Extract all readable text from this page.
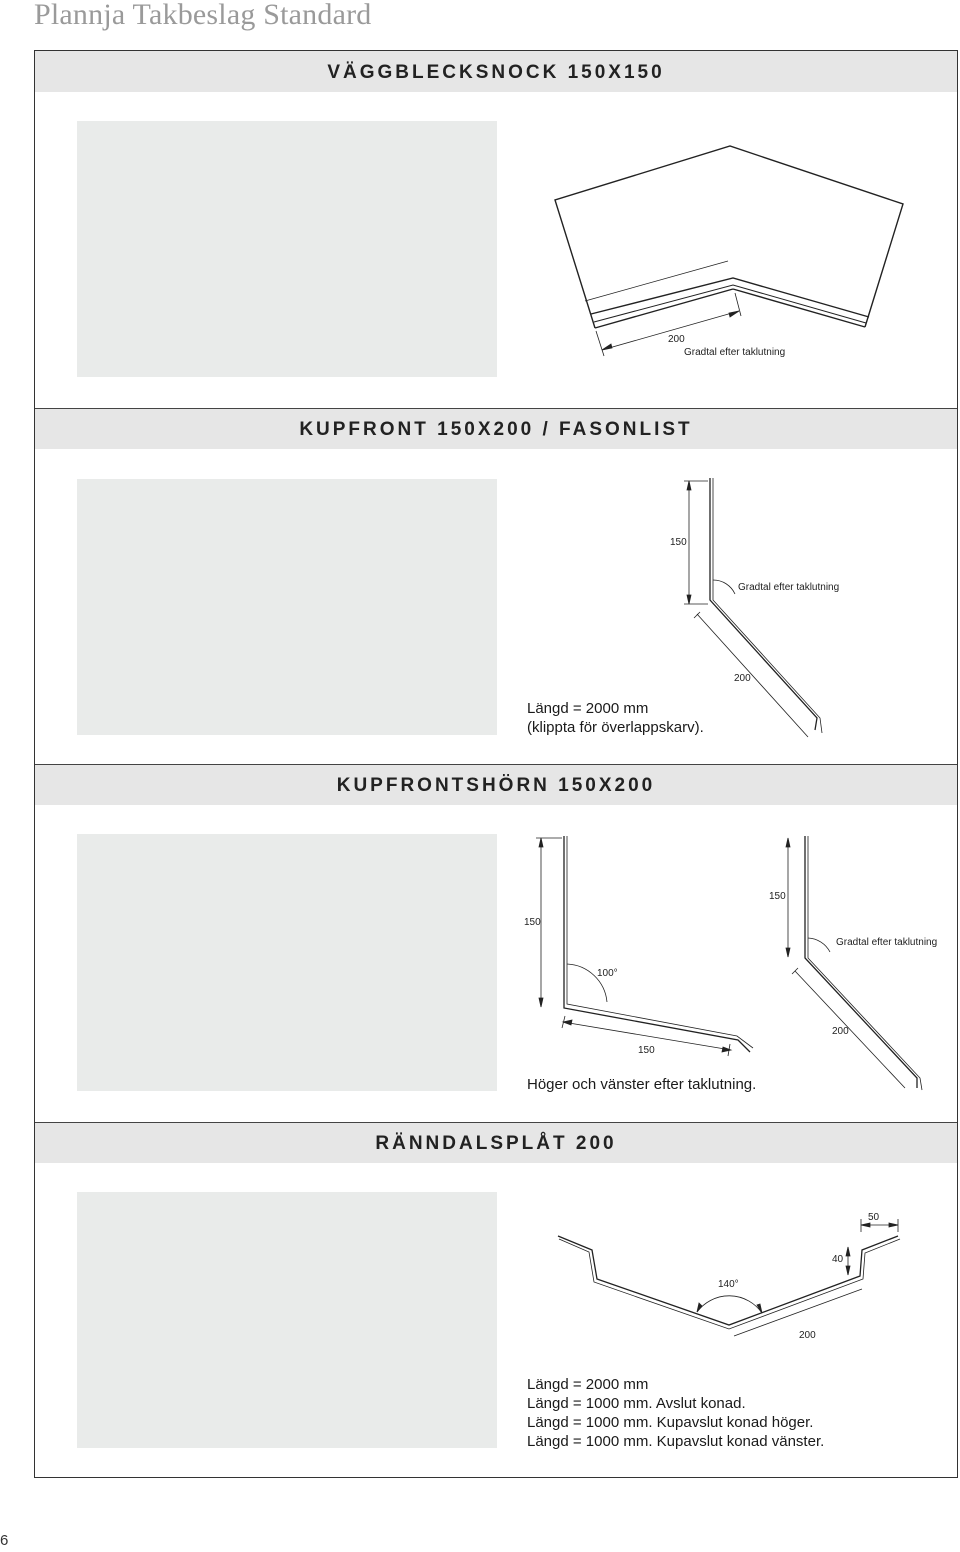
Plannja Takbeslag Standard
VÄGGBLECKSNOCK 150X150
200
Gradtal efter taklutning
KUPFRONT 150X200 / FASONLIST
150
Gradtal efter taklutning
200
Längd = 2000 mm
(klippta för överlappskarv).
KUPFRONTSHÖRN 150X200
150
100°
150
150
Gradtal efter taklutning
200
Höger och vänster efter taklutning.
RÄNNDALSPLÅT 200
50
40
140°
200
Längd = 2000 mm
Längd = 1000 mm. Avslut konad.
Längd = 1000 mm. Kupavslut konad höger.
Längd = 1000 mm. Kupavslut konad vänster.
6
